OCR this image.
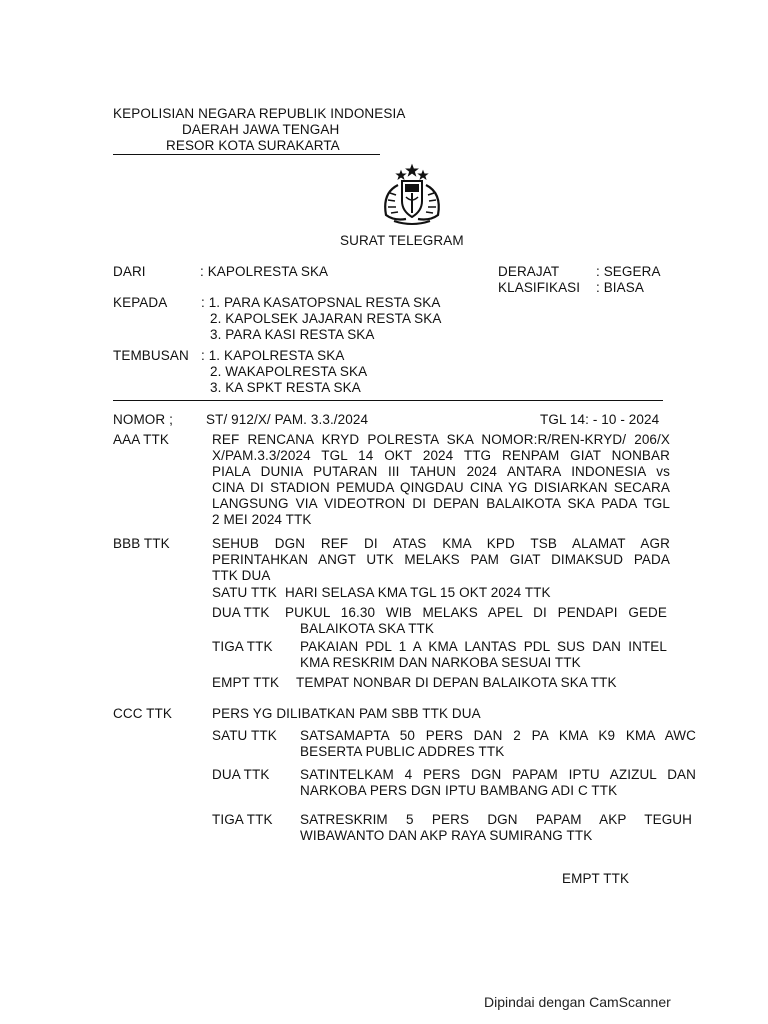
KEPOLISIAN NEGARA REPUBLIK INDONESIA
DAERAH JAWA TENGAH
RESOR KOTA SURAKARTA
SURAT TELEGRAM
DARI	: KAPOLRESTA SKA	DERAJAT	: SEGERA
KLASIFIKASI : BIASA
KEPADA : 1. PARA KASATOPSNAL RESTA SKA
2. KAPOLSEK JAJARAN RESTA SKA
3. PARA KASI RESTA SKA
TEMBUSAN : 1. KAPOLRESTA SKA
2. WAKAPOLRESTA SKA
3. KA SPKT RESTA SKA
NOMOR ; ST/ 912/X/ PAM. 3.3./2024	TGL 14: - 10 - 2024
AAA TTK	REF RENCANA KRYD POLRESTA SKA NOMOR:R/REN-KRYD/ 206/X
X/PAM.3.3/2024 TGL 14 OKT 2024 TTG RENPAM GIAT NONBAR
PIALA DUNIA PUTARAN III TAHUN 2024 ANTARA INDONESIA vs
CINA DI STADION PEMUDA QINGDAU CINA YG DISIARKAN SECARA
LANGSUNG VIA VIDEOTRON DI DEPAN BALAIKOTA SKA PADA TGL
2 MEI 2024 TTK
BBB TTK	SEHUB DGN REF DI ATAS KMA KPD TSB ALAMAT AGR
PERINTAHKAN ANGT UTK MELAKS PAM GIAT DIMAKSUD PADA
TTK DUA
SATU TTK HARI SELASA KMA TGL 15 OKT 2024 TTK
DUA TTK PUKUL 16.30 WIB MELAKS APEL DI PENDAPI GEDE
BALAIKOTA SKA TTK
TIGA TTK PAKAIAN PDL 1 A KMA LANTAS PDL SUS DAN INTEL
KMA RESKRIM DAN NARKOBA SESUAI TTK
EMPT TTK TEMPAT NONBAR DI DEPAN BALAIKOTA SKA TTK
CCC TTK	PERS YG DILIBATKAN PAM SBB TTK DUA
SATU TTK SATSAMAPTA 50 PERS DAN 2 PA KMA K9 KMA AWC
BESERTA PUBLIC ADDRES TTK
DUA TTK SATINTELKAM 4 PERS DGN PAPAM IPTU AZIZUL DAN
NARKOBA PERS DGN IPTU BAMBANG ADI C TTK
TIGA TTK SATRESKRIM 5 PERS DGN PAPAM AKP TEGUH
WIBAWANTO DAN AKP RAYA SUMIRANG TTK
EMPT TTK
Dipindai dengan CamScanner
